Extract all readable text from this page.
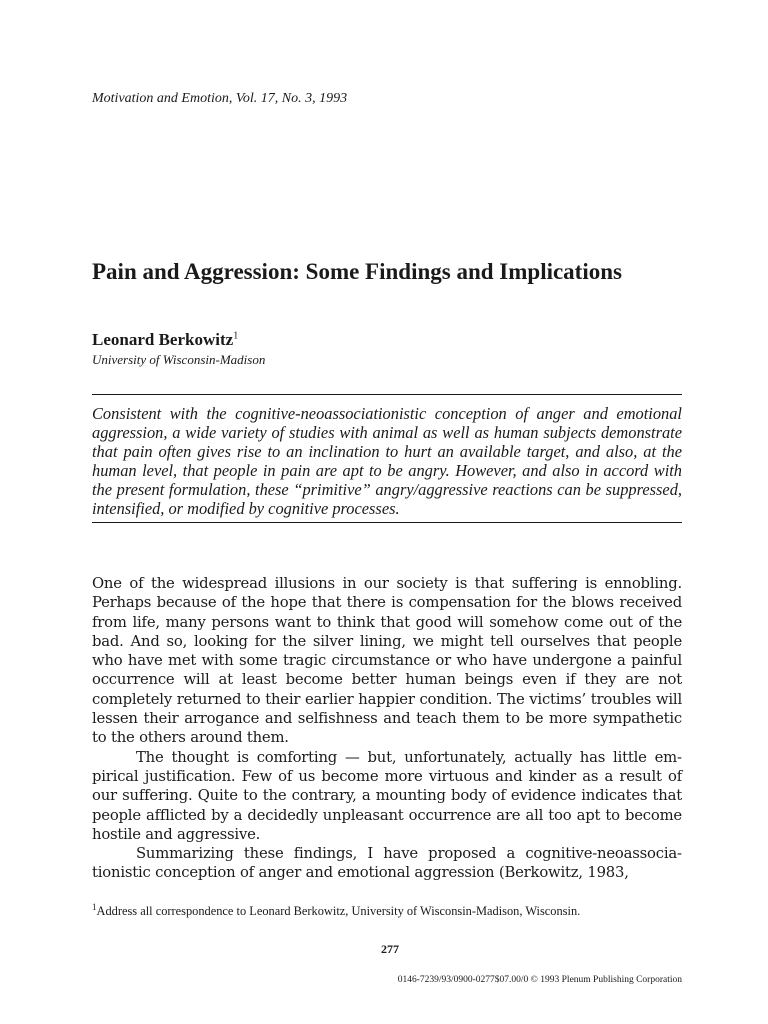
Motivation and Emotion, Vol. 17, No. 3, 1993
Pain and Aggression: Some Findings and Implications
Leonard Berkowitz$^1$
University of Wisconsin-Madison

Consistent with the cognitive-neoassociationistic conception of anger and emotional aggression, a wide variety of studies with animal as well as human subjects demonstrate that pain often gives rise to an inclination to hurt an available target, and also, at the human level, that people in pain are apt to be angry. However, and also in accord with the present formulation, these “primitive” angry/aggressive reactions can be suppressed, intensified, or modified by cognitive processes.

One of the widespread illusions in our society is that suffering is ennobling. Perhaps because of the hope that there is compensation for the blows received from life, many persons want to think that good will somehow come out of the bad. And so, looking for the silver lining, we might tell ourselves that people who have met with some tragic circumstance or who have undergone a painful occurrence will at least become better human beings even if they are not completely returned to their earlier happier condition. The victims’ troubles will lessen their arrogance and selfishness and teach them to be more sympathetic to the others around them.

The thought is comforting — but, unfortunately, actually has little empirical justification. Few of us become more virtuous and kinder as a result of our suffering. Quite to the contrary, a mounting body of evidence indicates that people afflicted by a decidedly unpleasant occurrence are all too apt to become hostile and aggressive.

Summarizing these findings, I have proposed a cognitive-neoassociationistic conception of anger and emotional aggression (Berkowitz, 1983,

$^1$Address all correspondence to Leonard Berkowitz, University of Wisconsin-Madison, Wisconsin.

277
0146-7239/93/0900-0277$07.00/0 © 1993 Plenum Publishing Corporation
